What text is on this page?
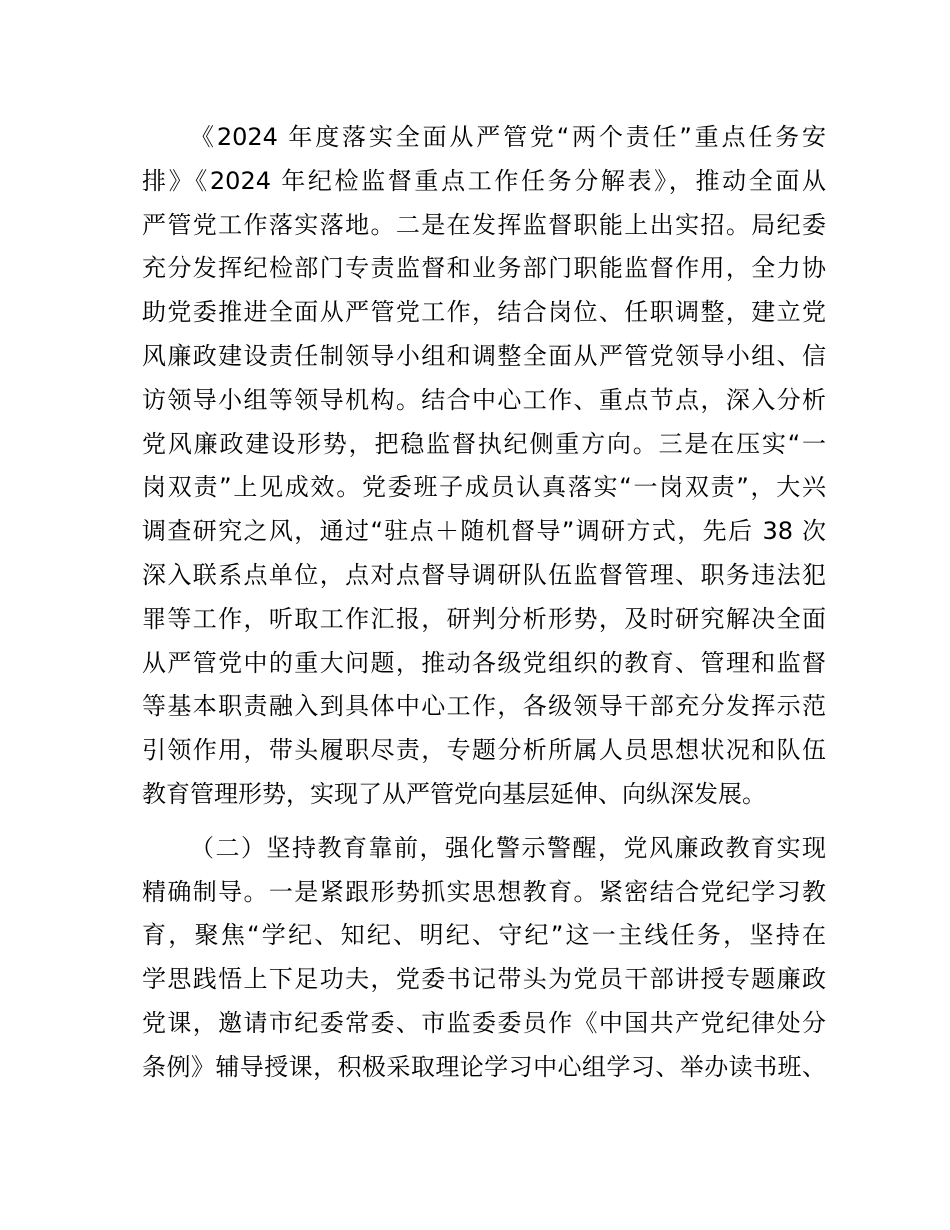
《2024 年度落实全面从严管党“两个责任”重点任务安
排》《2024 年纪检监督重点工作任务分解表》，推动全面从
严管党工作落实落地。二是在发挥监督职能上出实招。局纪委
充分发挥纪检部门专责监督和业务部门职能监督作用，全力协
助党委推进全面从严管党工作，结合岗位、任职调整，建立党
风廉政建设责任制领导小组和调整全面从严管党领导小组、信
访领导小组等领导机构。结合中心工作、重点节点，深入分析
党风廉政建设形势，把稳监督执纪侧重方向。三是在压实“一
岗双责”上见成效。党委班子成员认真落实“一岗双责”，大兴
调查研究之风，通过“驻点＋随机督导”调研方式，先后 38 次
深入联系点单位，点对点督导调研队伍监督管理、职务违法犯
罪等工作，听取工作汇报，研判分析形势，及时研究解决全面
从严管党中的重大问题，推动各级党组织的教育、管理和监督
等基本职责融入到具体中心工作，各级领导干部充分发挥示范
引领作用，带头履职尽责，专题分析所属人员思想状况和队伍
教育管理形势，实现了从严管党向基层延伸、向纵深发展。
（二）坚持教育靠前，强化警示警醒，党风廉政教育实现
精确制导。一是紧跟形势抓实思想教育。紧密结合党纪学习教
育，聚焦“学纪、知纪、明纪、守纪”这一主线任务，坚持在
学思践悟上下足功夫，党委书记带头为党员干部讲授专题廉政
党课，邀请市纪委常委、市监委委员作《中国共产党纪律处分
条例》辅导授课，积极采取理论学习中心组学习、举办读书班、
